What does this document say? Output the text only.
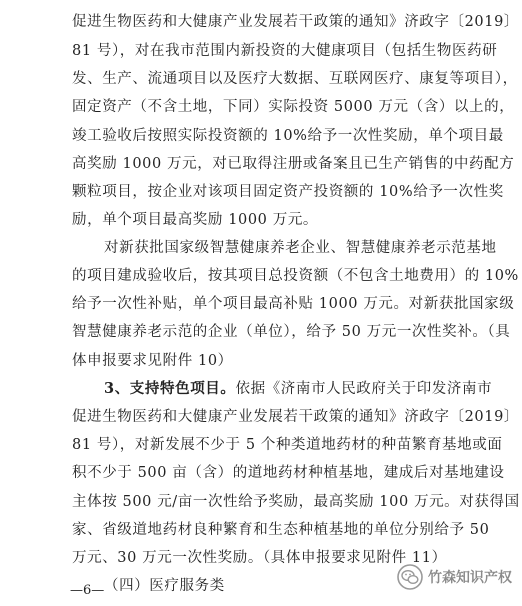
促进生物医药和大健康产业发展若干政策的通知》济政字〔2019〕
81 号），对在我市范围内新投资的大健康项目（包括生物医药研
发、生产、流通项目以及医疗大数据、互联网医疗、康复等项目），
固定资产（不含土地，下同）实际投资 5000 万元（含）以上的，
竣工验收后按照实际投资额的 10%给予一次性奖励，单个项目最
高奖励 1000 万元，对已取得注册或备案且已生产销售的中药配方
颗粒项目，按企业对该项目固定资产投资额的 10%给予一次性奖
励，单个项目最高奖励 1000 万元。
对新获批国家级智慧健康养老企业、智慧健康养老示范基地
的项目建成验收后，按其项目总投资额（不包含土地费用）的 10%
给予一次性补贴，单个项目最高补贴 1000 万元。对新获批国家级
智慧健康养老示范的企业（单位），给予 50 万元一次性奖补。（具
体申报要求见附件 10）
3、支持特色项目。依据《济南市人民政府关于印发济南市
促进生物医药和大健康产业发展若干政策的通知》济政字〔2019〕
81 号），对新发展不少于 5 个种类道地药材的种苗繁育基地或面
积不少于 500 亩（含）的道地药材种植基地，建成后对基地建设
主体按 500 元/亩一次性给予奖励，最高奖励 100 万元。对获得国
家、省级道地药材良种繁育和生态种植基地的单位分别给予 50
万元、30 万元一次性奖励。（具体申报要求见附件 11）
（四）医疗服务类
—6—
竹森知识产权
